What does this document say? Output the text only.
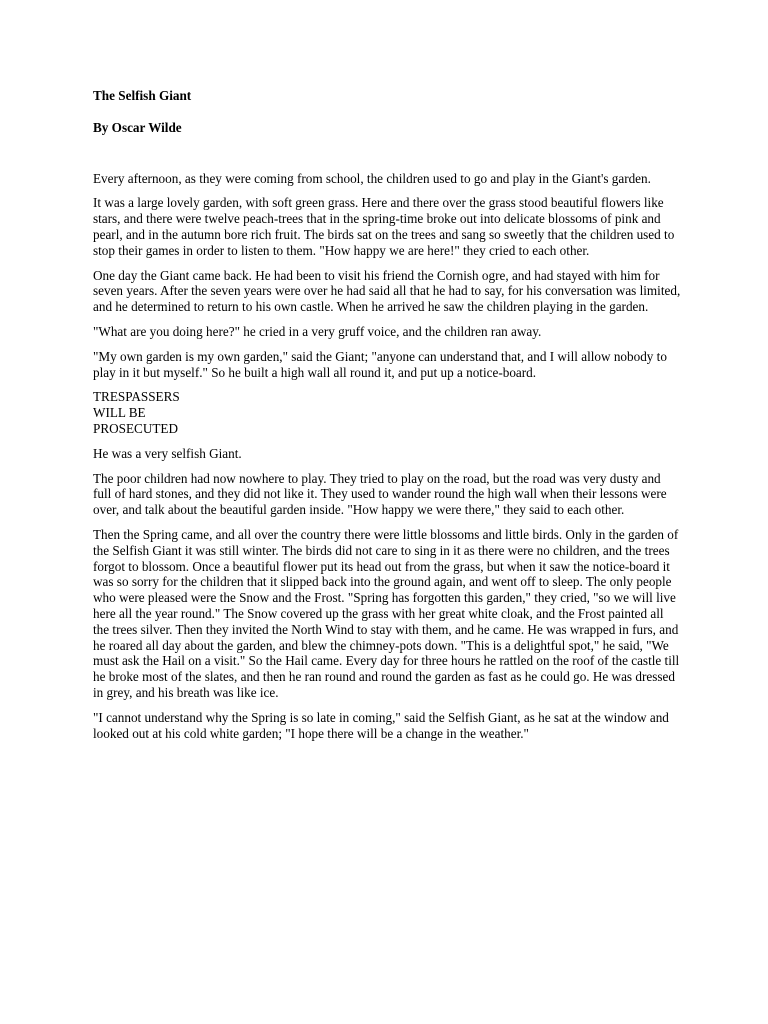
The Selfish Giant

By Oscar Wilde

Every afternoon, as they were coming from school, the children used to go and play in the Giant's garden.

It was a large lovely garden, with soft green grass. Here and there over the grass stood beautiful flowers like stars, and there were twelve peach-trees that in the spring-time broke out into delicate blossoms of pink and pearl, and in the autumn bore rich fruit. The birds sat on the trees and sang so sweetly that the children used to stop their games in order to listen to them. "How happy we are here!" they cried to each other.

One day the Giant came back. He had been to visit his friend the Cornish ogre, and had stayed with him for seven years. After the seven years were over he had said all that he had to say, for his conversation was limited, and he determined to return to his own castle. When he arrived he saw the children playing in the garden.

"What are you doing here?" he cried in a very gruff voice, and the children ran away.

"My own garden is my own garden," said the Giant; "anyone can understand that, and I will allow nobody to play in it but myself." So he built a high wall all round it, and put up a notice-board.

TRESPASSERS
WILL BE
PROSECUTED

He was a very selfish Giant.

The poor children had now nowhere to play. They tried to play on the road, but the road was very dusty and full of hard stones, and they did not like it. They used to wander round the high wall when their lessons were over, and talk about the beautiful garden inside. "How happy we were there," they said to each other.

Then the Spring came, and all over the country there were little blossoms and little birds. Only in the garden of the Selfish Giant it was still winter. The birds did not care to sing in it as there were no children, and the trees forgot to blossom. Once a beautiful flower put its head out from the grass, but when it saw the notice-board it was so sorry for the children that it slipped back into the ground again, and went off to sleep. The only people who were pleased were the Snow and the Frost. "Spring has forgotten this garden," they cried, "so we will live here all the year round." The Snow covered up the grass with her great white cloak, and the Frost painted all the trees silver. Then they invited the North Wind to stay with them, and he came. He was wrapped in furs, and he roared all day about the garden, and blew the chimney-pots down. "This is a delightful spot," he said, "We must ask the Hail on a visit." So the Hail came. Every day for three hours he rattled on the roof of the castle till he broke most of the slates, and then he ran round and round the garden as fast as he could go. He was dressed in grey, and his breath was like ice.

"I cannot understand why the Spring is so late in coming," said the Selfish Giant, as he sat at the window and looked out at his cold white garden; "I hope there will be a change in the weather."
